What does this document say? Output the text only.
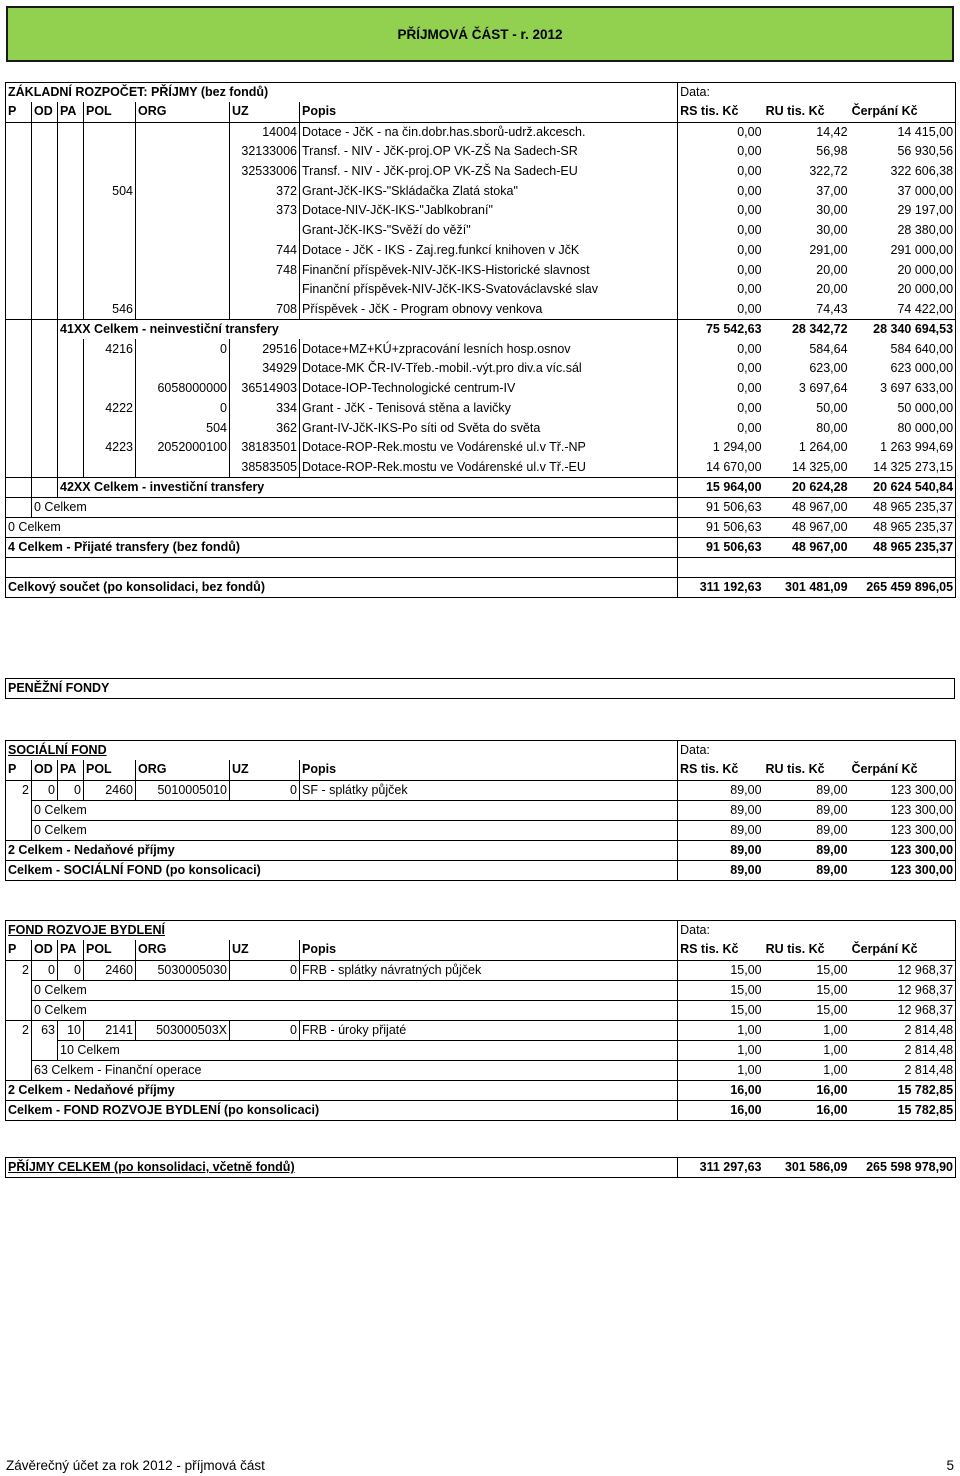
PŘÍJMOVÁ ČÁST - r. 2012
ZÁKLADNÍ ROZPOČET: PŘÍJMY (bez fondů)							Data:		
P	OD	PA	POL	ORG	UZ	Popis	RS tis. Kč	RU tis. Kč	Čerpání Kč
					14004	Dotace - JčK - na čin.dobr.has.sborů-udrž.akcesch.	0,00	14,42	14 415,00
					32133006	Transf. - NIV - JčK-proj.OP VK-ZŠ Na Sadech-SR	0,00	56,98	56 930,56
					32533006	Transf. - NIV - JčK-proj.OP VK-ZŠ Na Sadech-EU	0,00	322,72	322 606,38
			504		372	Grant-JčK-IKS-"Skládačka Zlatá stoka"	0,00	37,00	37 000,00
					373	Dotace-NIV-JčK-IKS-"Jablkobraní"	0,00	30,00	29 197,00
						Grant-JčK-IKS-"Svěží do věží"	0,00	30,00	28 380,00
					744	Dotace - JčK - IKS - Zaj.reg.funkcí knihoven v JčK	0,00	291,00	291 000,00
					748	Finanční příspěvek-NIV-JčK-IKS-Historické slavnost	0,00	20,00	20 000,00
						Finanční příspěvek-NIV-JčK-IKS-Svatováclavské slav	0,00	20,00	20 000,00
			546		708	Příspěvek - JčK - Program obnovy venkova	0,00	74,43	74 422,00
		41XX Celkem - neinvestiční transfery					75 542,63	28 342,72	28 340 694,53
			4216	0	29516	Dotace+MZ+KÚ+zpracování lesních hosp.osnov	0,00	584,64	584 640,00
					34929	Dotace-MK ČR-IV-Třeb.-mobil.-výt.pro div.a víc.sál	0,00	623,00	623 000,00
				6058000000	36514903	Dotace-IOP-Technologické centrum-IV	0,00	3 697,64	3 697 633,00
			4222	0	334	Grant - JčK - Tenisová stěna a lavičky	0,00	50,00	50 000,00
				504	362	Grant-IV-JčK-IKS-Po síti od Světa do světa	0,00	80,00	80 000,00
			4223	2052000100	38183501	Dotace-ROP-Rek.mostu ve Vodárenské ul.v Tř.-NP	1 294,00	1 264,00	1 263 994,69
					38583505	Dotace-ROP-Rek.mostu ve Vodárenské ul.v Tř.-EU	14 670,00	14 325,00	14 325 273,15
		42XX Celkem - investiční transfery					15 964,00	20 624,28	20 624 540,84
	0 Celkem						91 506,63	48 967,00	48 965 235,37
0 Celkem							91 506,63	48 967,00	48 965 235,37
4 Celkem - Přijaté transfery (bez fondů)							91 506,63	48 967,00	48 965 235,37

Celkový součet (po konsolidaci, bez fondů)							311 192,63	301 481,09	265 459 896,05
PENĚŽNÍ FONDY
SOCIÁLNÍ FOND							Data:		
P	OD	PA	POL	ORG	UZ	Popis	RS tis. Kč	RU tis. Kč	Čerpání Kč
2	0	0	2460	5010005010	0	SF - splátky půjček	89,00	89,00	123 300,00
	0 Celkem						89,00	89,00	123 300,00
	0 Celkem						89,00	89,00	123 300,00
2 Celkem - Nedaňové příjmy							89,00	89,00	123 300,00
Celkem - SOCIÁLNÍ FOND (po konsolicaci)							89,00	89,00	123 300,00
FOND ROZVOJE BYDLENÍ							Data:		
P	OD	PA	POL	ORG	UZ	Popis	RS tis. Kč	RU tis. Kč	Čerpání Kč
2	0	0	2460	5030005030	0	FRB - splátky návratných půjček	15,00	15,00	12 968,37
	0 Celkem						15,00	15,00	12 968,37
	0 Celkem						15,00	15,00	12 968,37
2	63	10	2141	503000503X	0	FRB - úroky přijaté	1,00	1,00	2 814,48
		10 Celkem					1,00	1,00	2 814,48
	63 Celkem - Finanční operace						1,00	1,00	2 814,48
2 Celkem - Nedaňové příjmy							16,00	16,00	15 782,85
Celkem - FOND ROZVOJE BYDLENÍ (po konsolicaci)							16,00	16,00	15 782,85
PŘÍJMY CELKEM (po konsolidaci, včetně fondů)	311 297,63	301 586,09	265 598 978,90
Závěrečný účet za rok 2012 - příjmová část	5
